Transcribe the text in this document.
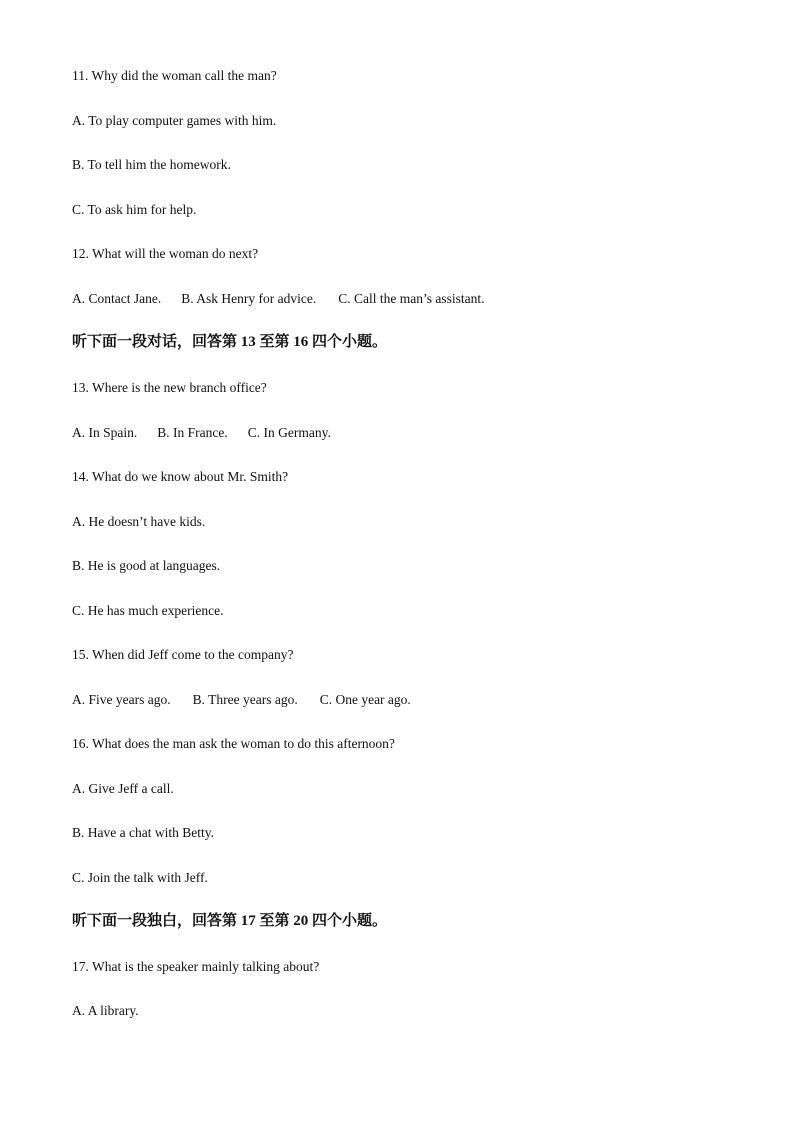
11. Why did the woman call the man?
A. To play computer games with him.
B. To tell him the homework.
C. To ask him for help.
12. What will the woman do next?
A. Contact Jane. B. Ask Henry for advice. C. Call the man’s assistant.
听下面一段对话，回答第 13 至第 16 四个小题。
13. Where is the new branch office?
A. In Spain. B. In France. C. In Germany.
14. What do we know about Mr. Smith?
A. He doesn’t have kids.
B. He is good at languages.
C. He has much experience.
15. When did Jeff come to the company?
A. Five years ago. B. Three years ago. C. One year ago.
16. What does the man ask the woman to do this afternoon?
A. Give Jeff a call.
B. Have a chat with Betty.
C. Join the talk with Jeff.
听下面一段独白，回答第 17 至第 20 四个小题。
17. What is the speaker mainly talking about?
A. A library.
